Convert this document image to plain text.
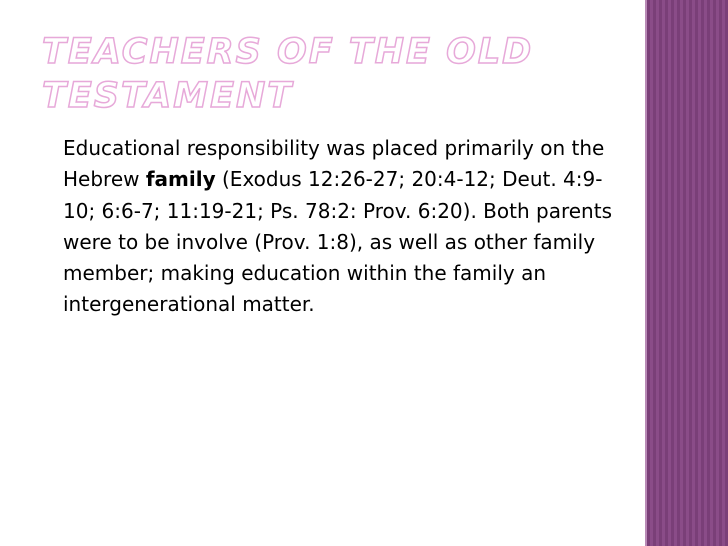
TEACHERS OF THE OLD
TESTAMENT

Educational responsibility was placed primarily on the Hebrew family (Exodus 12:26-27; 20:4-12; Deut. 4:9-10; 6:6-7; 11:19-21; Ps. 78:2: Prov. 6:20). Both parents were to be involve (Prov. 1:8), as well as other family member; making education within the family an intergenerational matter.
